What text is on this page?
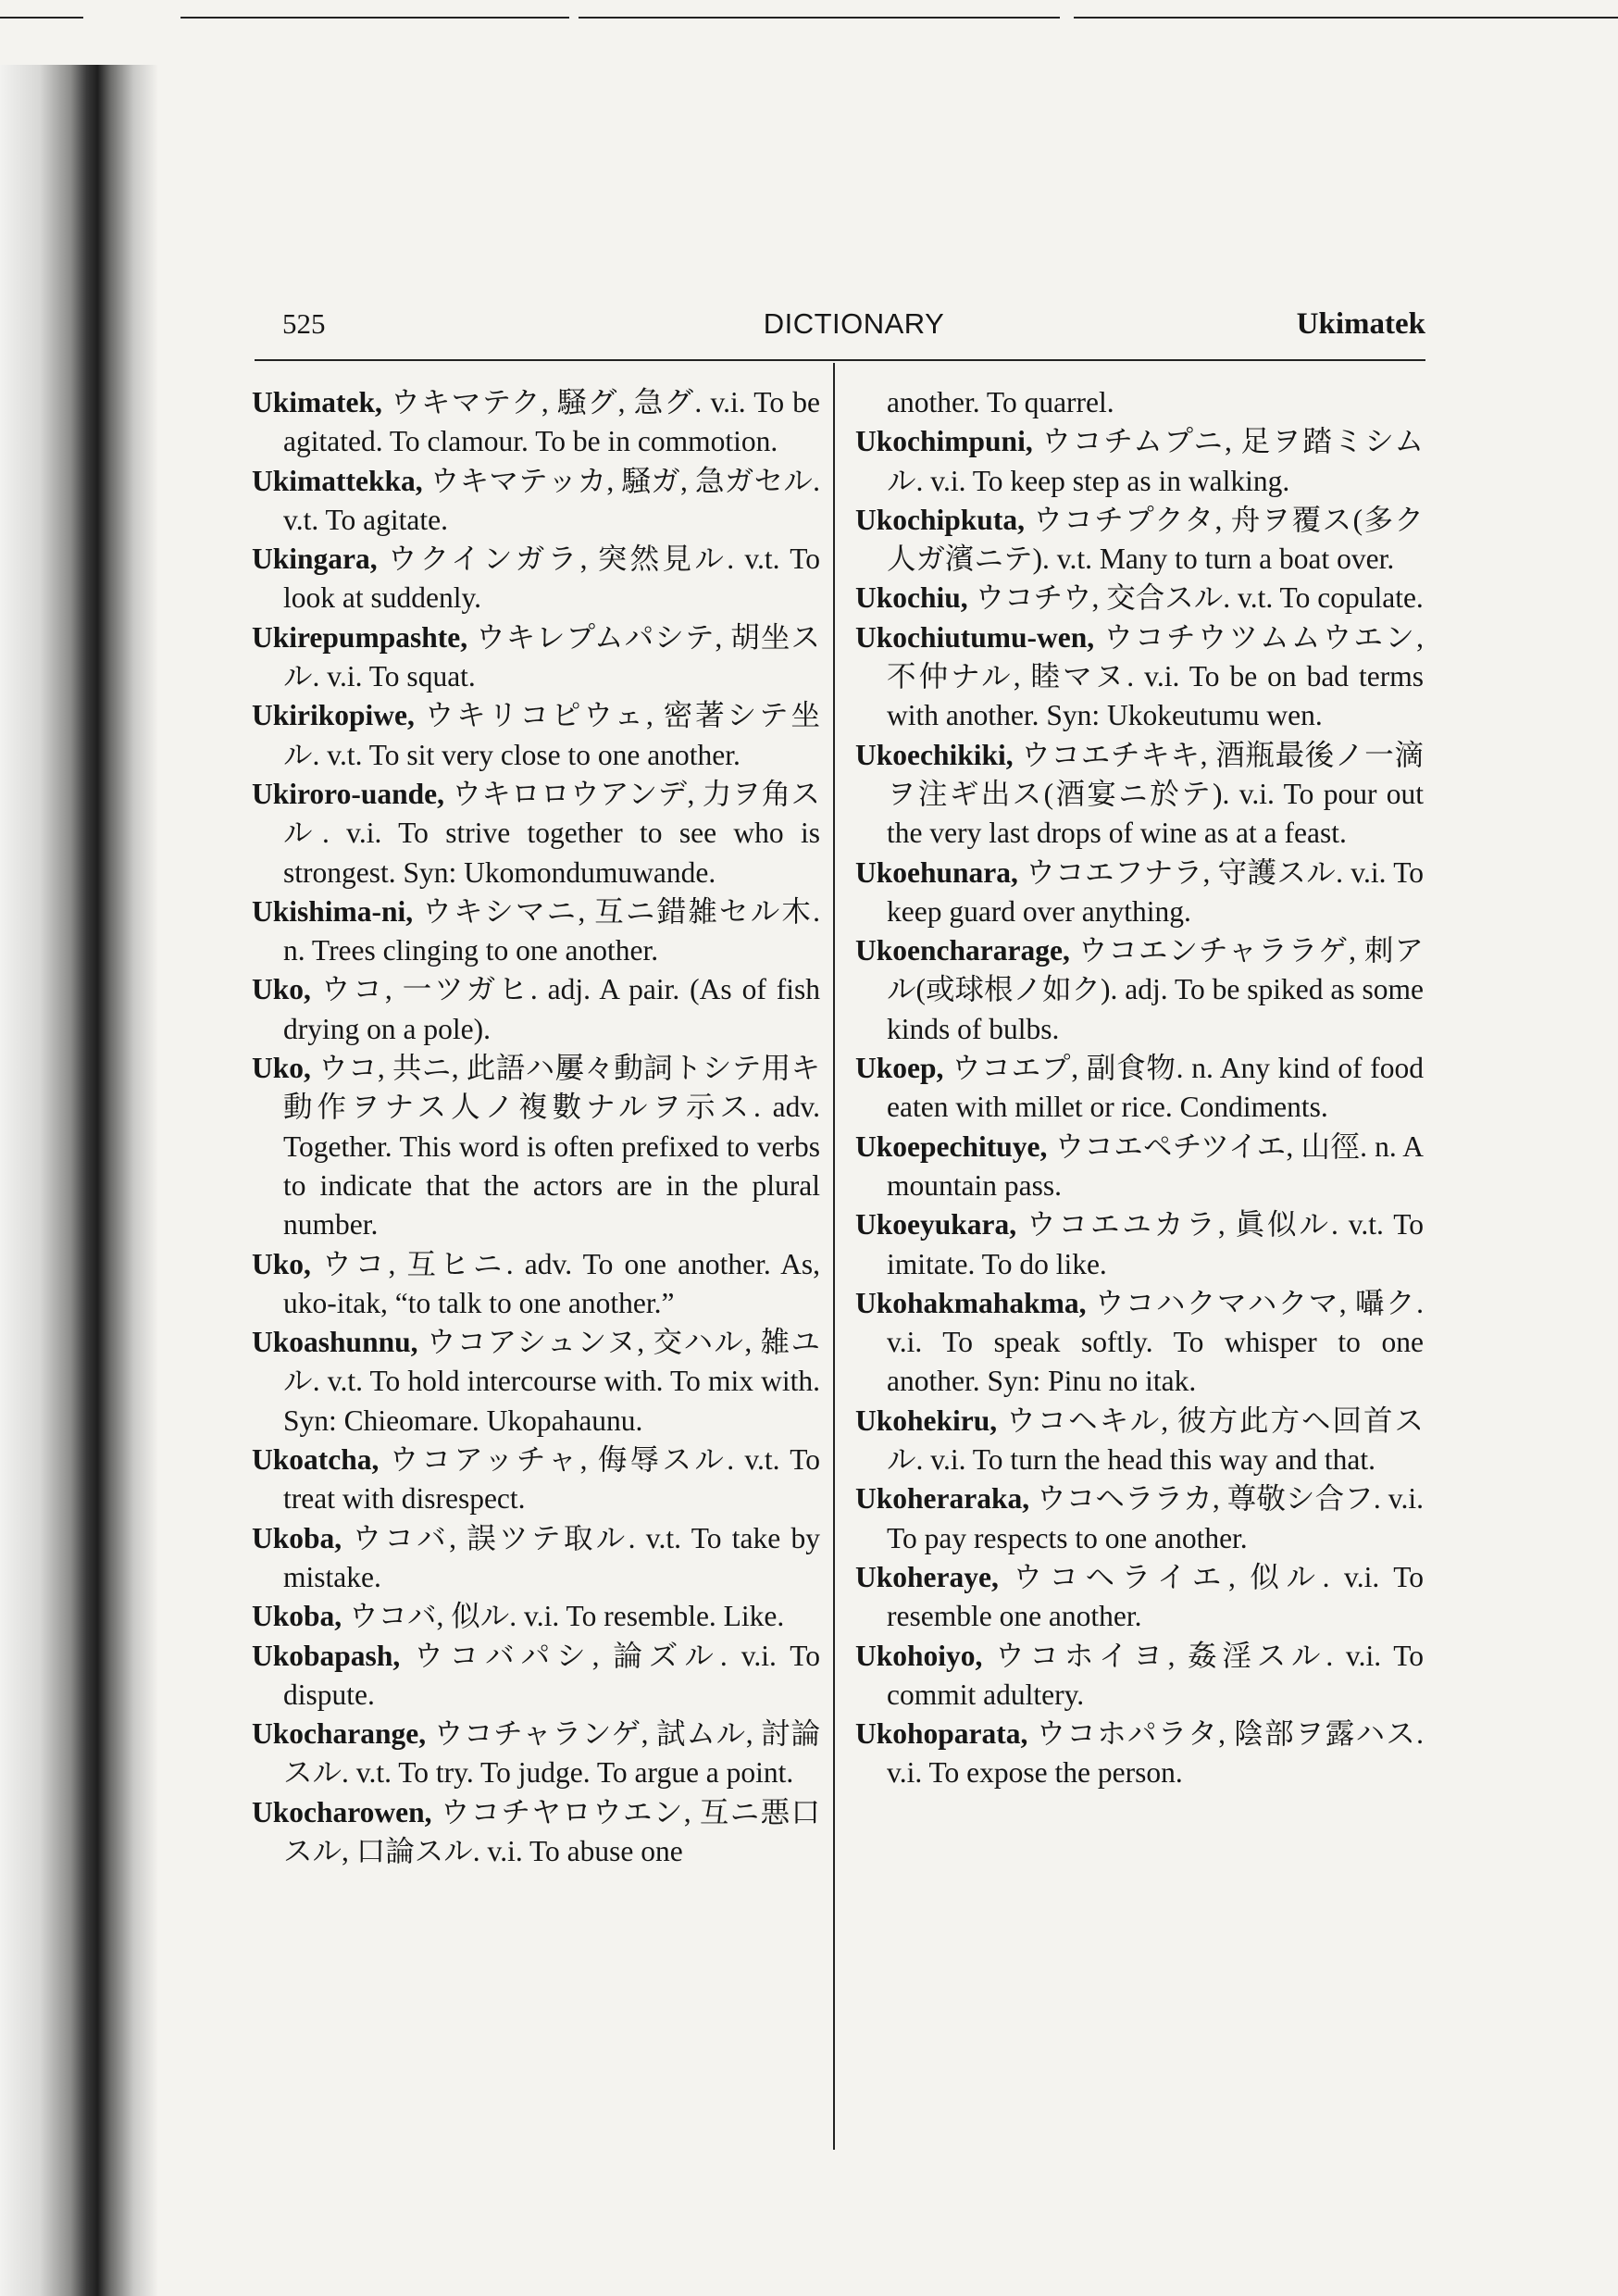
525	DICTIONARY	Ukimatek

Ukimatek, ウキマテク, 騒グ, 急グ. v.i. To be agitated. To clamour. To be in commotion.

Ukimattekka, ウキマテッカ, 騒ガ, 急ガセル. v.t. To agitate.

Ukingara, ウクインガラ, 突然見ル. v.t. To look at suddenly.

Ukirepumpashte, ウキレプムパシテ, 胡坐スル. v.i. To squat.

Ukirikopiwe, ウキリコピウェ, 密著シテ坐ル. v.t. To sit very close to one another.

Ukiroro-uande, ウキロロウアンデ, 力ヲ角スル. v.i. To strive together to see who is strongest. Syn: Ukomondumuwande.

Ukishima-ni, ウキシマニ, 互ニ錯雑セル木. n. Trees clinging to one another.

Uko, ウコ, 一ツガヒ. adj. A pair. (As of fish drying on a pole).

Uko, ウコ, 共ニ, 此語ハ屢々動詞トシテ用キ動作ヲナス人ノ複數ナルヲ示ス. adv. Together. This word is often prefixed to verbs to indicate that the actors are in the plural number.

Uko, ウコ, 互ヒニ. adv. To one another. As, uko-itak, “to talk to one another.”

Ukoashunnu, ウコアシュンヌ, 交ハル, 雑ユル. v.t. To hold intercourse with. To mix with. Syn: Chieomare. Ukopahaunu.

Ukoatcha, ウコアッチャ, 侮辱スル. v.t. To treat with disrespect.

Ukoba, ウコバ, 誤ツテ取ル. v.t. To take by mistake.

Ukoba, ウコバ, 似ル. v.i. To resemble. Like.

Ukobapash, ウコバパシ, 論ズル. v.i. To dispute.

Ukocharange, ウコチャランゲ, 試ムル, 討論スル. v.t. To try. To judge. To argue a point.

Ukocharowen, ウコチヤロウエン, 互ニ悪口スル, 口論スル. v.i. To abuse one

another. To quarrel.

Ukochimpuni, ウコチムプニ, 足ヲ踏ミシムル. v.i. To keep step as in walking.

Ukochipkuta, ウコチプクタ, 舟ヲ覆ス(多ク人ガ濱ニテ). v.t. Many to turn a boat over.

Ukochiu, ウコチウ, 交合スル. v.t. To copulate.

Ukochiutumu-wen, ウコチウツムムウエン, 不仲ナル, 睦マヌ. v.i. To be on bad terms with another. Syn: Ukokeutumu wen.

Ukoechikiki, ウコエチキキ, 酒瓶最後ノ一滴ヲ注ギ出ス(酒宴ニ於テ). v.i. To pour out the very last drops of wine as at a feast.

Ukoehunara, ウコエフナラ, 守護スル. v.i. To keep guard over anything.

Ukoenchararage, ウコエンチャララゲ, 刺アル(或球根ノ如ク). adj. To be spiked as some kinds of bulbs.

Ukoep, ウコエプ, 副食物. n. Any kind of food eaten with millet or rice. Condiments.

Ukoepechituye, ウコエペチツイエ, 山徑. n. A mountain pass.

Ukoeyukara, ウコエユカラ, 眞似ル. v.t. To imitate. To do like.

Ukohakmahakma, ウコハクマハクマ, 囁ク. v.i. To speak softly. To whisper to one another. Syn: Pinu no itak.

Ukohekiru, ウコヘキル, 彼方此方ヘ回首スル. v.i. To turn the head this way and that.

Ukoheraraka, ウコヘララカ, 尊敬シ合フ. v.i. To pay respects to one another.

Ukoheraye, ウコヘライエ, 似ル. v.i. To resemble one another.

Ukohoiyo, ウコホイヨ, 姦淫スル. v.i. To commit adultery.

Ukohoparata, ウコホパラタ, 陰部ヲ露ハス. v.i. To expose the person.
